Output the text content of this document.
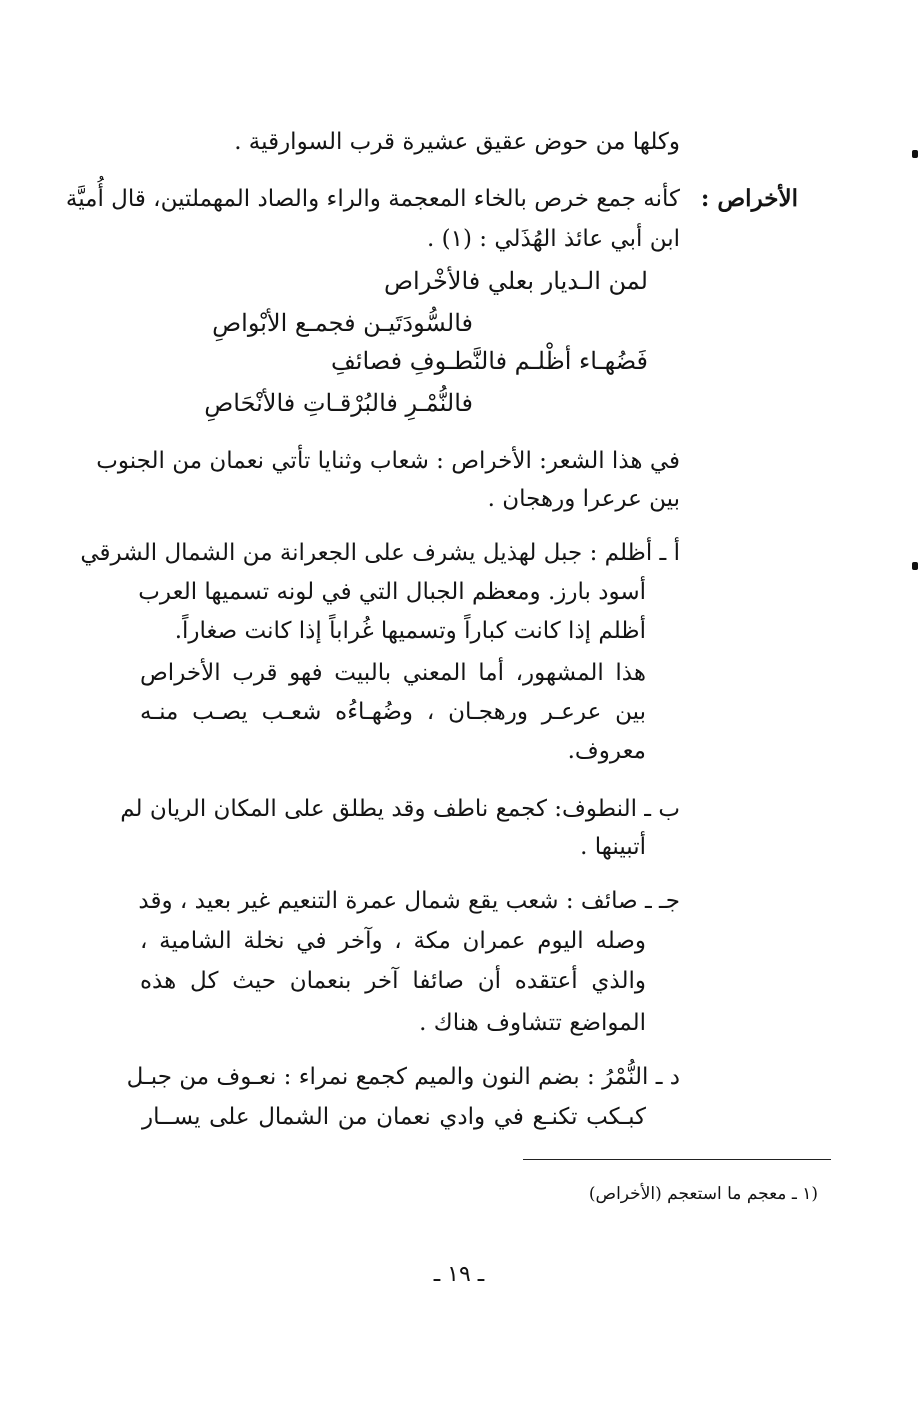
وكلها من حوض عقيق عشيرة قرب السوارقية .
الأخراص :
كأنه جمع خرص بالخاء المعجمة والراء والصاد المهملتين، قال أُميَّة
ابن أبي عائذ الهُذَلي : (١) .
لمن الـديار بعلي فالأخْراص
فالسُّودَتَيـن فجمـع الأبْواصِ
فَضُهـاء أظْلـم فالنَّطـوفِ فصائفِ
فالنُّمْـرِ فالبُرْقـاتِ فالأنْحَاصِ
في هذا الشعر: الأخراص : شعاب وثنايا تأتي نعمان من الجنوب
بين عرعرا ورهجان .
أ ـ أظلم : جبل لهذيل يشرف على الجعرانة من الشمال الشرقي
أسود بارز. ومعظم الجبال التي في لونه تسميها العرب
أظلم إذا كانت كباراً وتسميها غُراباً إذا كانت صغاراً.
هذا المشهور، أما المعني بالبيت فهو قرب الأخراص
بين عرعـر ورهجـان ، وضُهـاءُه شعـب يصـب منـه
معروف.
ب ـ النطوف: كجمع ناطف وقد يطلق على المكان الريان لم
أتبينها .
جـ ـ صائف : شعب يقع شمال عمرة التنعيم غير بعيد ، وقد
وصله اليوم عمران مكة ، وآخر في نخلة الشامية ،
والذي أعتقده أن صائفا آخر بنعمان حيث كل هذه
المواضع تتشاوف هناك .
د ـ النُّمْرُ : بضم النون والميم كجمع نمراء : نعـوف من جبـل
كبـكب تكنـع في وادي نعمان من الشمال على يســار
(١ ـ معجم ما استعجم (الأخراص)
ـ ١٩ ـ
